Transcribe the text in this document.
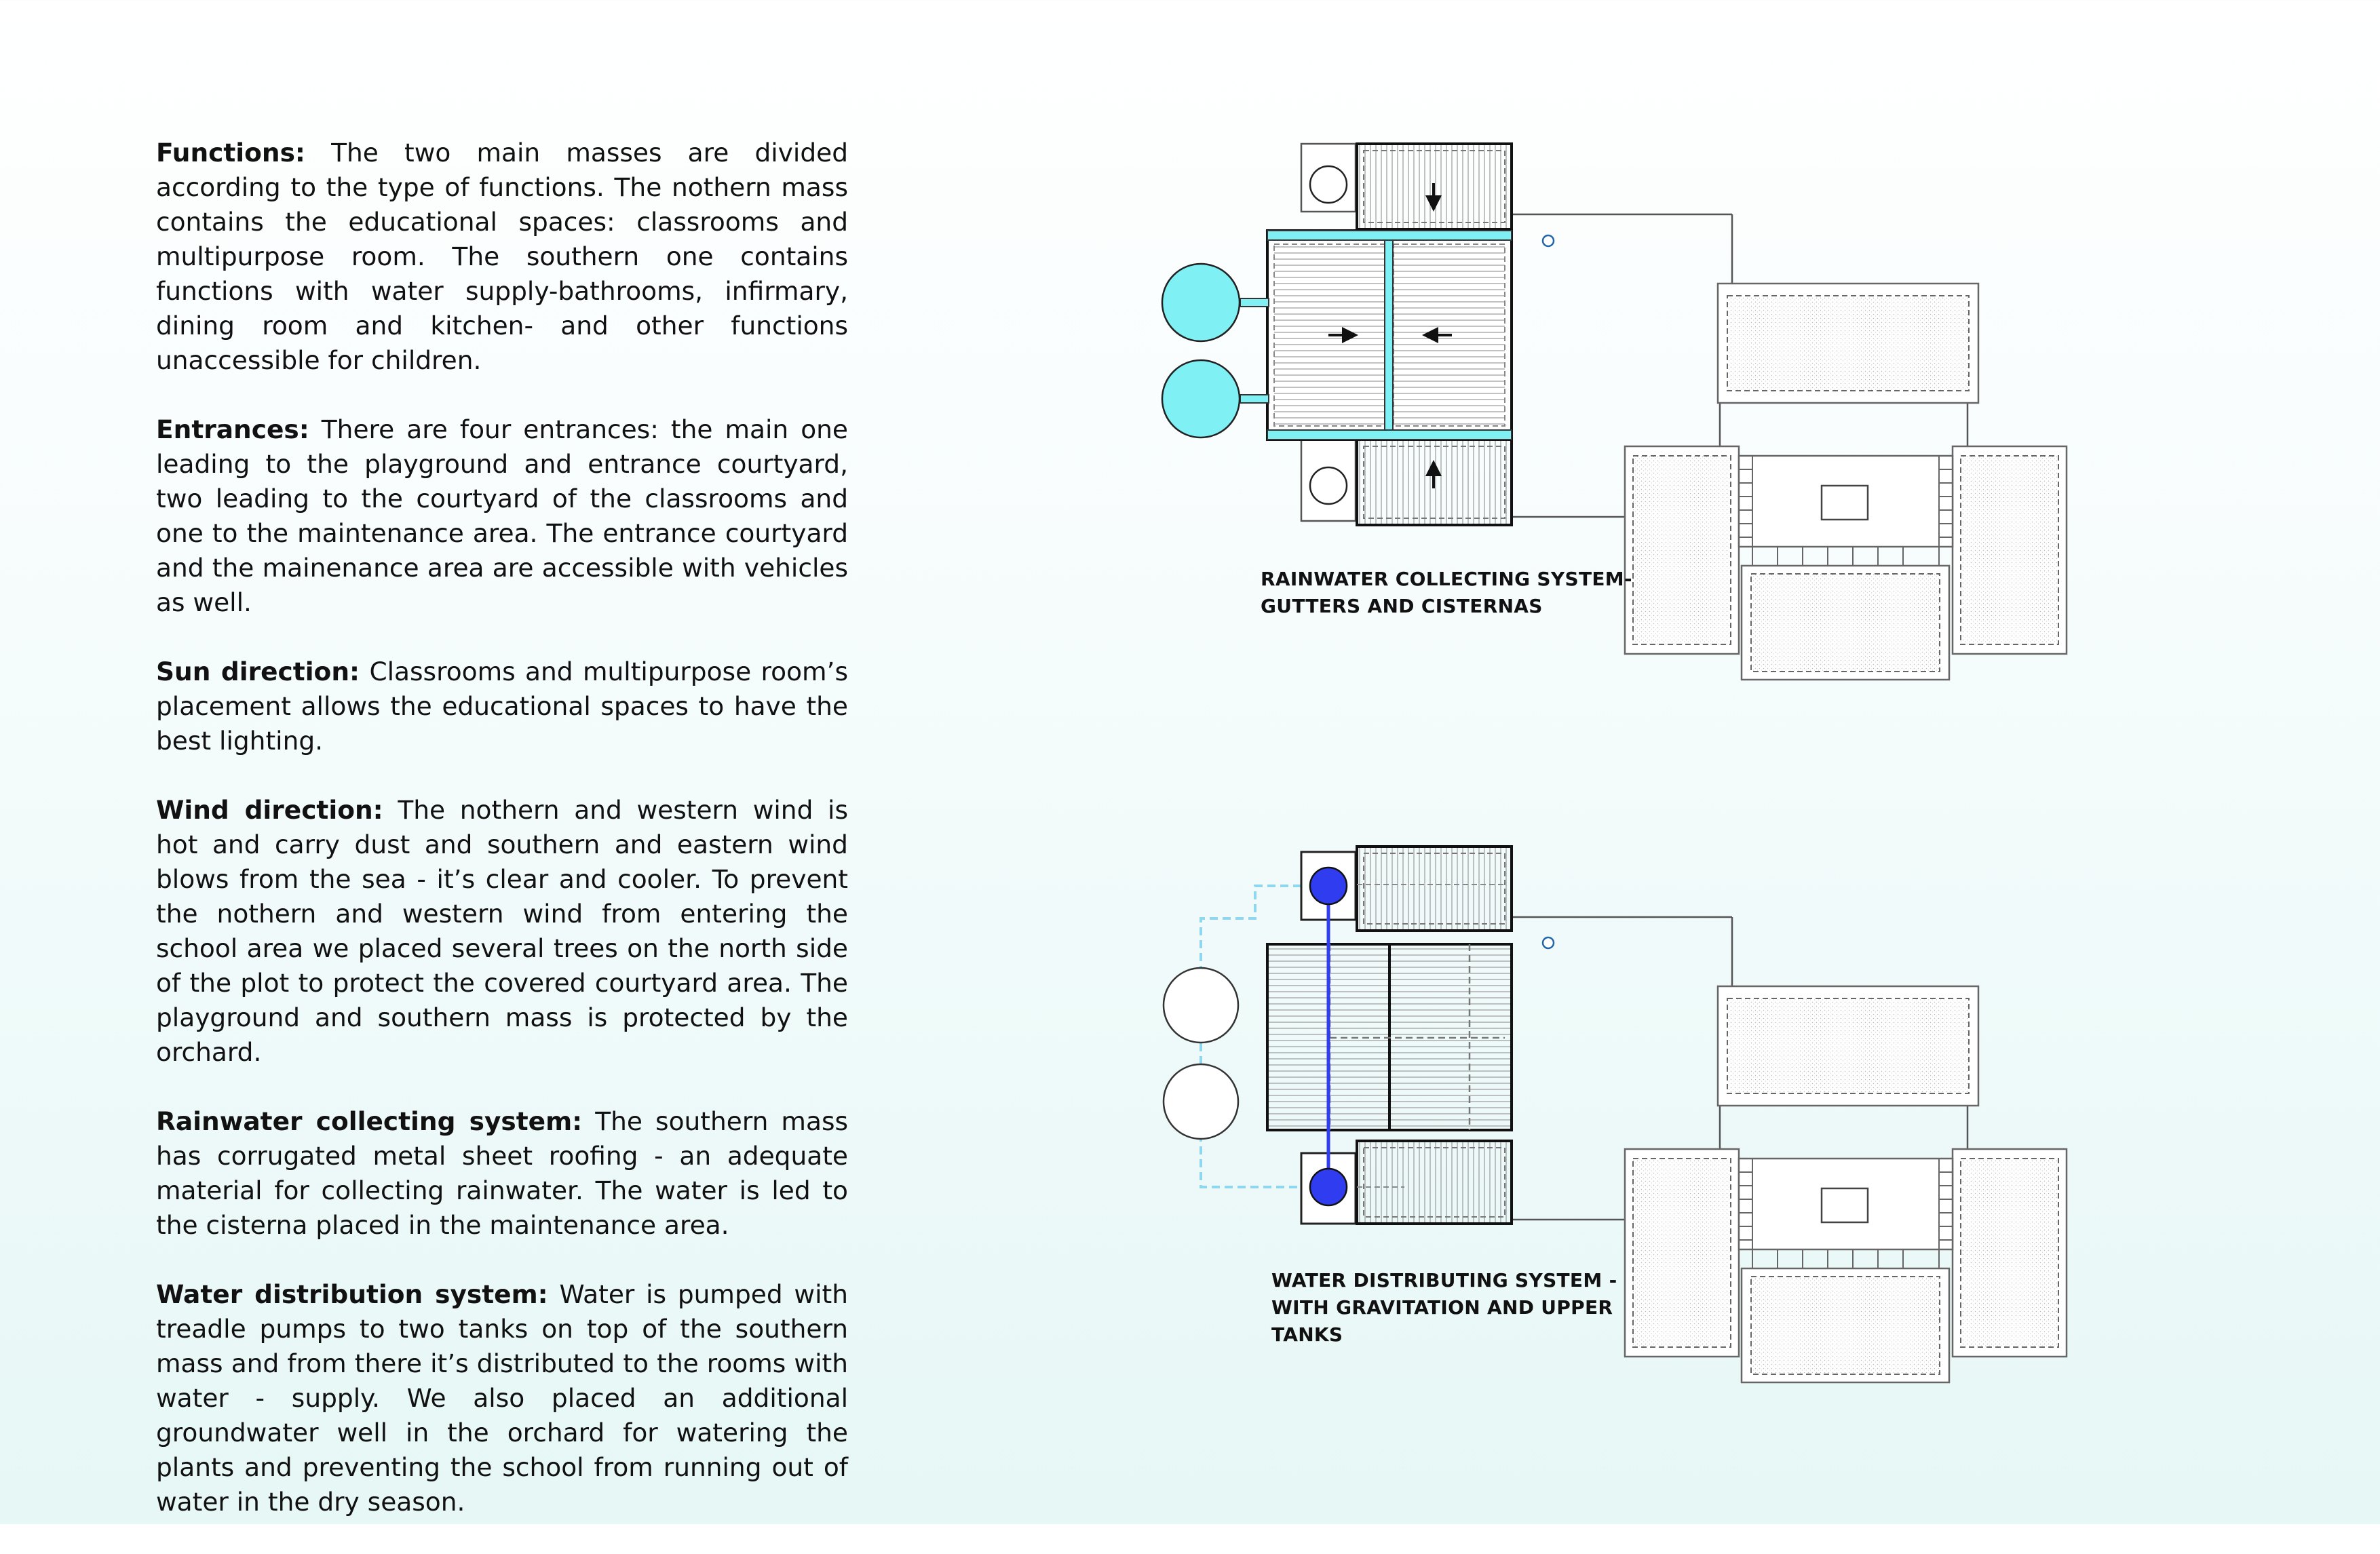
Functions: The two main masses are divided according to the type of functions. The nothern mass contains the educational spaces: classrooms and multipurpose room. The southern one contains functions with water supply-bathrooms, infirmary, dining room and kitchen- and other functions unaccessible for children.

Entrances: There are four entrances: the main one leading to the playground and entrance courtyard, two leading to the courtyard of the classrooms and one to the maintenance area. The entrance courtyard and the mainenance area are accessible with vehicles as well.

Sun direction: Classrooms and multipurpose room’s placement allows the educational spaces to have the best lighting.

Wind direction: The nothern and western wind is hot and carry dust and southern and eastern wind blows from the sea - it’s clear and cooler. To prevent the nothern and western wind from entering the school area we placed several trees on the north side of the plot to protect the covered courtyard area. The playground and southern mass is protected by the orchard.

Rainwater collecting system: The southern mass has corrugated metal sheet roofing - an adequate material for collecting rainwater. The water is led to the cisterna placed in the maintenance area.

Water distribution system: Water is pumped with treadle pumps to two tanks on top of the southern mass and from there it’s distributed to the rooms with water - supply. We also placed an additional groundwater well in the orchard for watering the plants and preventing the school from running out of water in the dry season.

RAINWATER COLLECTING SYSTEM-
GUTTERS AND CISTERNAS
WATER DISTRIBUTING SYSTEM -
WITH GRAVITATION AND UPPER
TANKS
